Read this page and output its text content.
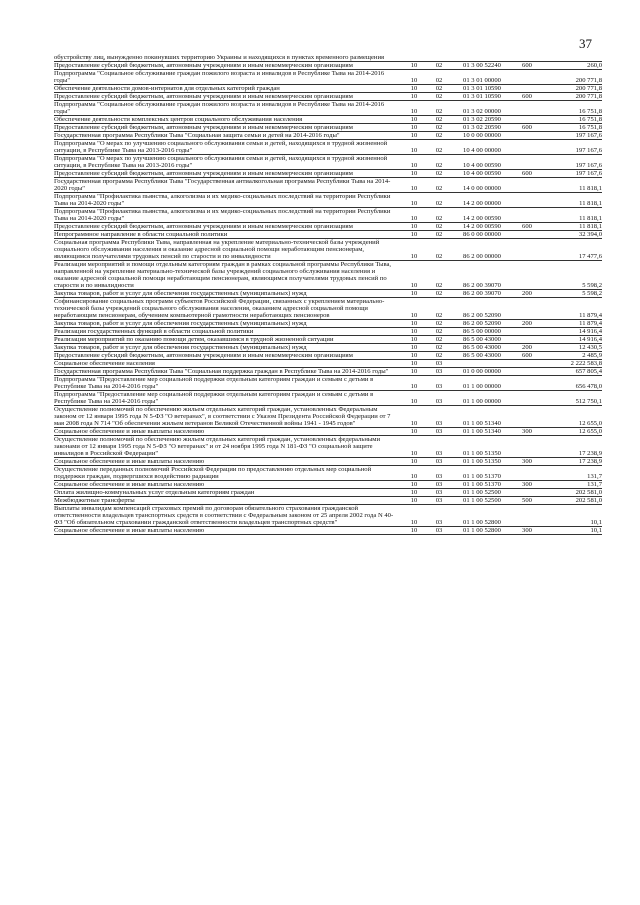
37
обустройству лиц, вынужденно покинувших территорию Украины и находящихся в пунктах временного размещения					
Предоставление субсидий бюджетным, автономным учреждениям и иным некоммерческим организациям	10	02	01 3 00 52240	600	260,0
Подпрограмма "Социальное обслуживание граждан пожилого возраста и инвалидов в Республике Тыва на 2014-2016 годы"	10	02	01 3 01 00000		200 771,8
Обеспечение деятельности домов-интернатов для отдельных категорий граждан	10	02	01 3 01 10590		200 771,8
Предоставление субсидий бюджетным, автономным учреждениям и иным некоммерческим организациям	10	02	01 3 01 10590	600	200 771,8
Подпрограмма "Социальное обслуживание граждан пожилого возраста и инвалидов в Республике Тыва на 2014-2016 годы"	10	02	01 3 02 00000		16 751,8
Обеспечение деятельности комплексных центров социального обслуживания населения	10	02	01 3 02 20590		16 751,8
Предоставление субсидий бюджетным, автономным учреждениям и иным некоммерческим организациям	10	02	01 3 02 20590	600	16 751,8
Государственная программа Республики Тыва "Социальная защита семьи и детей на 2014-2016 годы"	10	02	10 0 00 00000		197 167,6
Подпрограмма "О мерах по улучшению социального обслуживания семьи и детей, находящихся в трудной жизненной ситуации, в Республике Тыва на 2013-2016 годы"	10	02	10 4 00 00000		197 167,6
Подпрограмма "О мерах по улучшению социального обслуживания семьи и детей, находящихся в трудной жизненной ситуации, в Республике Тыва на 2013-2016 годы"	10	02	10 4 00 00590		197 167,6
Предоставление субсидий бюджетным, автономным учреждениям и иным некоммерческим организациям	10	02	10 4 00 00590	600	197 167,6
Государственная программа Республики Тыва "Государственная антиалкогольная программа Республики Тыва на 2014-2020 годы"	10	02	14 0 00 00000		11 818,1
Подпрограмма "Профилактика пьянства, алкоголизма и их медико-социальных последствий на территории Республики Тыва на 2014-2020 годы"	10	02	14 2 00 00000		11 818,1
Подпрограмма "Профилактика пьянства, алкоголизма и их медико-социальных последствий на территории Республики Тыва на 2014-2020 годы"	10	02	14 2 00 00590		11 818,1
Предоставление субсидий бюджетным, автономным учреждениям и иным некоммерческим организациям	10	02	14 2 00 00590	600	11 818,1
Непрограммное направление в области социальной политики	10	02	86 0 00 00000		32 394,0
Социальная программа Республики Тыва, направленная на укрепление материально-технической базы учреждений социального обслуживания населения и оказание адресной социальной помощи неработающим пенсионерам, являющимся получателями трудовых пенсий по старости и по инвалидности	10	02	86 2 00 00000		17 477,6
Реализация мероприятий и помощи отдельным категориям граждан в рамках социальной программы Республики Тыва, направленной на укрепление материально-технической базы учреждений социального обслуживания населения и оказание адресной социальной помощи неработающим пенсионерам, являющимся получателями трудовых пенсий по старости и по инвалидности	10	02	86 2 00 39070		5 598,2
Закупка товаров, работ и услуг для обеспечения государственных (муниципальных) нужд	10	02	86 2 00 39070	200	5 598,2
Софинансирование социальных программ субъектов Российской Федерации, связанных с укреплением материально-технической базы учреждений социального обслуживания населения, оказанием адресной социальной помощи неработающим пенсионерам, обучением компьютерной грамотности неработающих пенсионеров	10	02	86 2 00 52090		11 879,4
Закупка товаров, работ и услуг для обеспечения государственных (муниципальных) нужд	10	02	86 2 00 52090	200	11 879,4
Реализация государственных функций в области социальной политики	10	02	86 5 00 00000		14 916,4
Реализация мероприятий по оказанию помощи детям, оказавшимся в трудной жизненной ситуации	10	02	86 5 00 43000		14 916,4
Закупка товаров, работ и услуг для обеспечения государственных (муниципальных) нужд	10	02	86 5 00 43000	200	12 430,5
Предоставление субсидий бюджетным, автономным учреждениям и иным некоммерческим организациям	10	02	86 5 00 43000	600	2 485,9
Социальное обеспечение населения	10	03			2 222 583,8
Государственная программа Республики Тыва "Социальная поддержка граждан в Республике Тыва на 2014-2016 годы"	10	03	01 0 00 00000		657 805,4
Подпрограмма "Предоставление мер социальной поддержки отдельным категориям граждан и семьям с детьми в Республике Тыва на 2014-2016 годы"	10	03	01 1 00 00000		656 478,0
Подпрограмма "Предоставление мер социальной поддержки отдельным категориям граждан и семьям с детьми в Республике Тыва на 2014-2016 годы"	10	03	01 1 00 00000		512 750,1
Осуществление полномочий по обеспечению жильем отдельных категорий граждан, установленных Федеральным законом от 12 января 1995 года N 5-ФЗ "О ветеранах", в соответствии с Указом Президента Российской Федерации от 7 мая 2008 года N 714 "Об обеспечении жильем ветеранов Великой Отечественной войны 1941 - 1945 годов"	10	03	01 1 00 51340		12 655,0
Социальное обеспечение и иные выплаты населению	10	03	01 1 00 51340	300	12 655,0
Осуществление полномочий по обеспечению жильем отдельных категорий граждан, установленных федеральными законами от 12 января 1995 года N 5-ФЗ "О ветеранах" и от 24 ноября 1995 года N 181-ФЗ "О социальной защите инвалидов в Российской Федерации"	10	03	01 1 00 51350		17 238,9
Социальное обеспечение и иные выплаты населению	10	03	01 1 00 51350	300	17 238,9
Осуществление переданных полномочий Российской Федерации по предоставлению отдельных мер социальной поддержки граждан, подвергшихся воздействию радиации	10	03	01 1 00 51370		131,7
Социальное обеспечение и иные выплаты населению	10	03	01 1 00 51370	300	131,7
Оплата жилищно-коммунальных услуг отдельным категориям граждан	10	03	01 1 00 52500		202 581,0
Межбюджетные трансферты	10	03	01 1 00 52500	500	202 581,0
Выплаты инвалидам компенсаций страховых премий по договорам обязательного страхования гражданской ответственности владельцев транспортных средств в соответствии с Федеральным законом от 25 апреля 2002 года N 40-ФЗ "Об обязательном страховании гражданской ответственности владельцев транспортных средств"	10	03	01 1 00 52800		10,1
Социальное обеспечение и иные выплаты населению	10	03	01 1 00 52800	300	10,1
